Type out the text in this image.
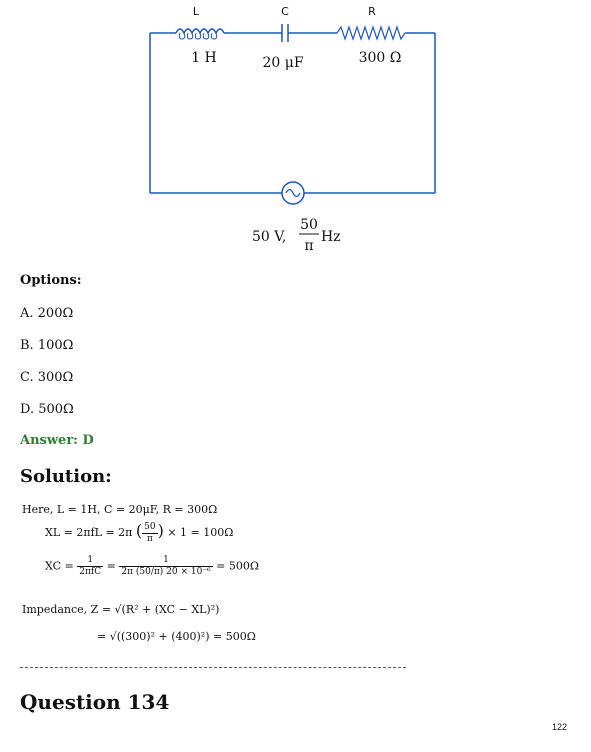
L
1 H
C
20 μF
R
300 Ω
50 V,
50
π
Hz
Options:
A. 200Ω
B. 100Ω
C. 300Ω
D. 500Ω
Answer: D
Solution:
Here, L = 1H, C = 20μF, R = 300Ω
XL = 2πfL = 2π ( $\frac{50}{\pi}$ ) × 1 = 100Ω
XC = $\frac{1}{\text{2πfC}} = \frac{1}{\text{2π (50/π) 20 × 10⁻⁶}} = 500\Omega$
Impedance, Z = √(R² + (XC − XL)²)
= √((300)² + (400)²) = 500Ω
Question 134
122
